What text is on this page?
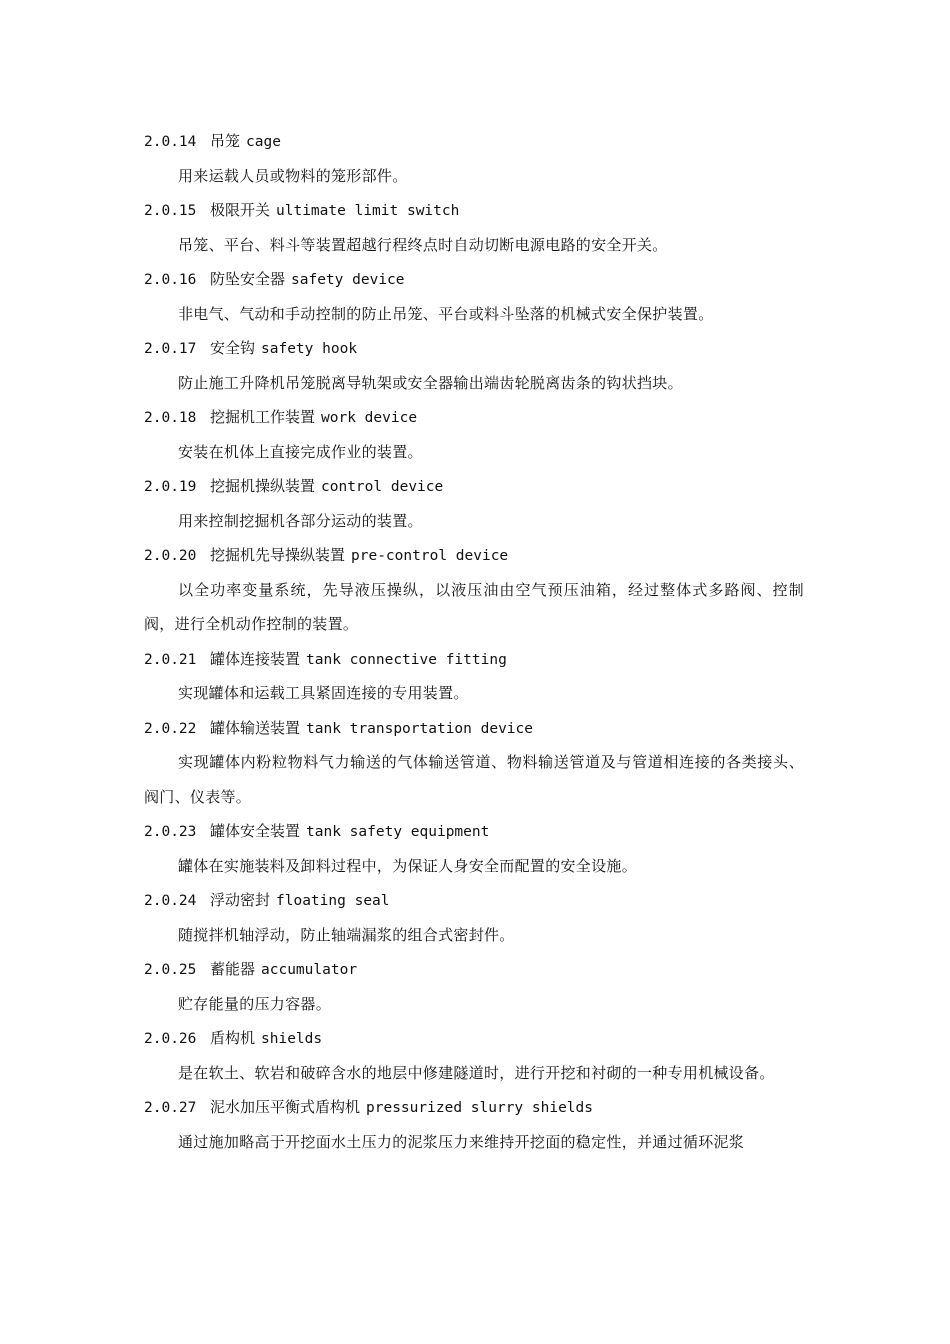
2.0.14 吊笼 cage
用来运载人员或物料的笼形部件。
2.0.15 极限开关 ultimate limit switch
吊笼、平台、料斗等装置超越行程终点时自动切断电源电路的安全开关。
2.0.16 防坠安全器 safety device
非电气、气动和手动控制的防止吊笼、平台或料斗坠落的机械式安全保护装置。
2.0.17 安全钩 safety hook
防止施工升降机吊笼脱离导轨架或安全器输出端齿轮脱离齿条的钩状挡块。
2.0.18 挖掘机工作装置 work device
安装在机体上直接完成作业的装置。
2.0.19 挖掘机操纵装置 control device
用来控制挖掘机各部分运动的装置。
2.0.20 挖掘机先导操纵装置 pre-control device
以全功率变量系统，先导液压操纵，以液压油由空气预压油箱，经过整体式多路阀、控制阀，进行全机动作控制的装置。
2.0.21 罐体连接装置 tank connective fitting
实现罐体和运载工具紧固连接的专用装置。
2.0.22 罐体输送装置 tank transportation device
实现罐体内粉粒物料气力输送的气体输送管道、物料输送管道及与管道相连接的各类接头、阀门、仪表等。
2.0.23 罐体安全装置 tank safety equipment
罐体在实施装料及卸料过程中，为保证人身安全而配置的安全设施。
2.0.24 浮动密封 floating seal
随搅拌机轴浮动，防止轴端漏浆的组合式密封件。
2.0.25 蓄能器 accumulator
贮存能量的压力容器。
2.0.26 盾构机 shields
是在软土、软岩和破碎含水的地层中修建隧道时，进行开挖和衬砌的一种专用机械设备。
2.0.27 泥水加压平衡式盾构机 pressurized slurry shields
通过施加略高于开挖面水土压力的泥浆压力来维持开挖面的稳定性，并通过循环泥浆
